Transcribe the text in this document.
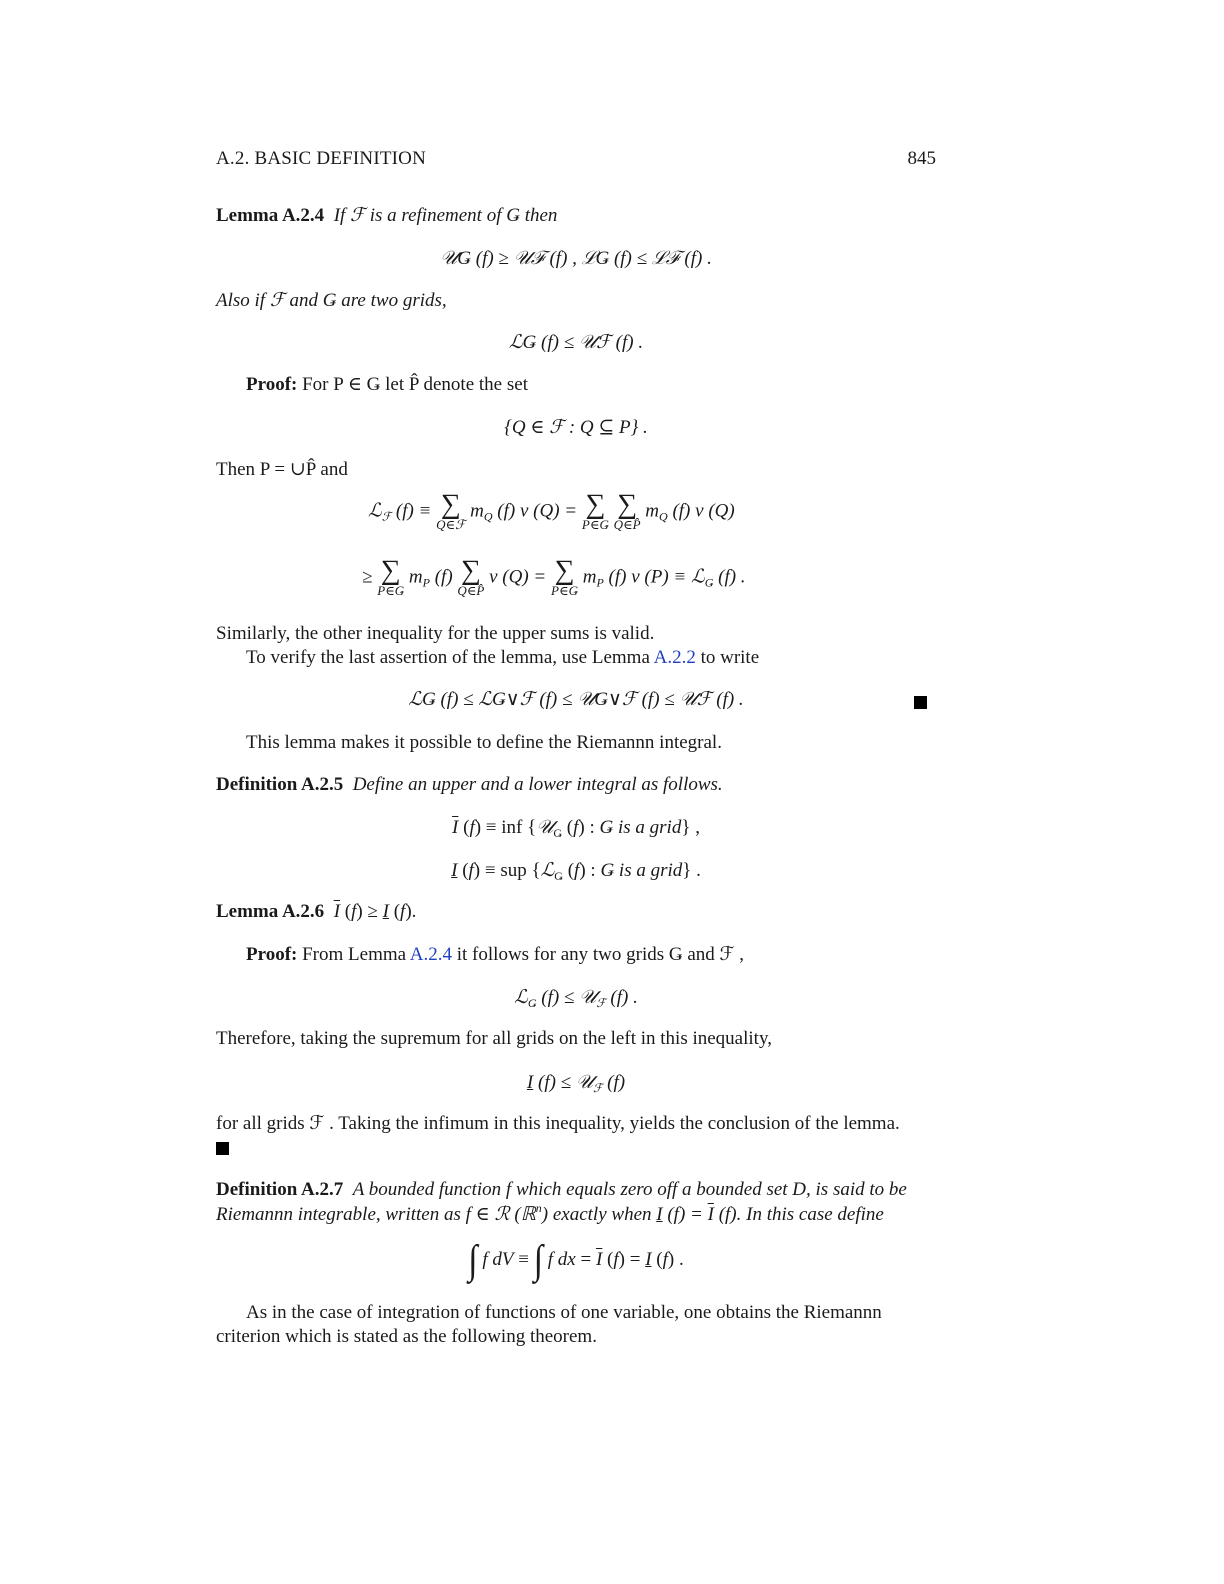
A.2. BASIC DEFINITION	845
Lemma A.2.4 If ℱ is a refinement of Ǥ then
𝒰Ǥ (f) ≥ 𝒰ℱ (f) , ℒǤ (f) ≤ ℒℱ (f) .
Also if ℱ and Ǥ are two grids,
ℒǤ (f) ≤ 𝒰ℱ (f) .
Proof: For P ∈ Ǥ let P̂ denote the set
{Q ∈ ℱ : Q ⊆ P} .
Then P = ∪P̂ and
ℒ$_ℱ$ (f) ≡ ∑
Q∈ℱ
$m_Q$ (f) v (Q) = ∑
P∈Ǥ

∑
Q∈P̂
$m_Q$ (f) v (Q)
≥ ∑
P∈Ǥ
$m_P$ (f) ∑
Q∈P̂
v (Q) = ∑
P∈Ǥ
$m_P$ (f) v (P) ≡ ℒ$_Ǥ$ (f) .
Similarly, the other inequality for the upper sums is valid.
To verify the last assertion of the lemma, use Lemma A.2.2 to write
ℒǤ (f) ≤ ℒǤ∨ℱ (f) ≤ 𝒰Ǥ∨ℱ (f) ≤ 𝒰ℱ (f) .
This lemma makes it possible to define the Riemannn integral.
Definition A.2.5 Define an upper and a lower integral as follows.
$\overline{I}$ (f) ≡ inf {𝒰$_Ǥ$ (f) : Ǥ is a grid} ,
I (f) ≡ sup {ℒ$_Ǥ$ (f) : Ǥ is a grid} .
Lemma A.2.6 $\overline{I}$ (f) ≥ I (f).
Proof: From Lemma A.2.4 it follows for any two grids Ǥ and ℱ ,
ℒ$_Ǥ$ (f) ≤ 𝒰$_ℱ$ (f) .
Therefore, taking the supremum for all grids on the left in this inequality,
I (f) ≤ 𝒰$_ℱ$ (f)
for all grids ℱ . Taking the infimum in this inequality, yields the conclusion of the lemma.
Definition A.2.7 A bounded function f which equals zero off a bounded set D, is said to be
Riemannn integrable, written as f ∈ ℛ (ℝ$^n$) exactly when I $(f) = \overline{I}$ (f). In this case define
∫ f dV ≡ ∫ f dx = $\overline{I}$ (f) = I (f) .
As in the case of integration of functions of one variable, one obtains the Riemannn
criterion which is stated as the following theorem.
